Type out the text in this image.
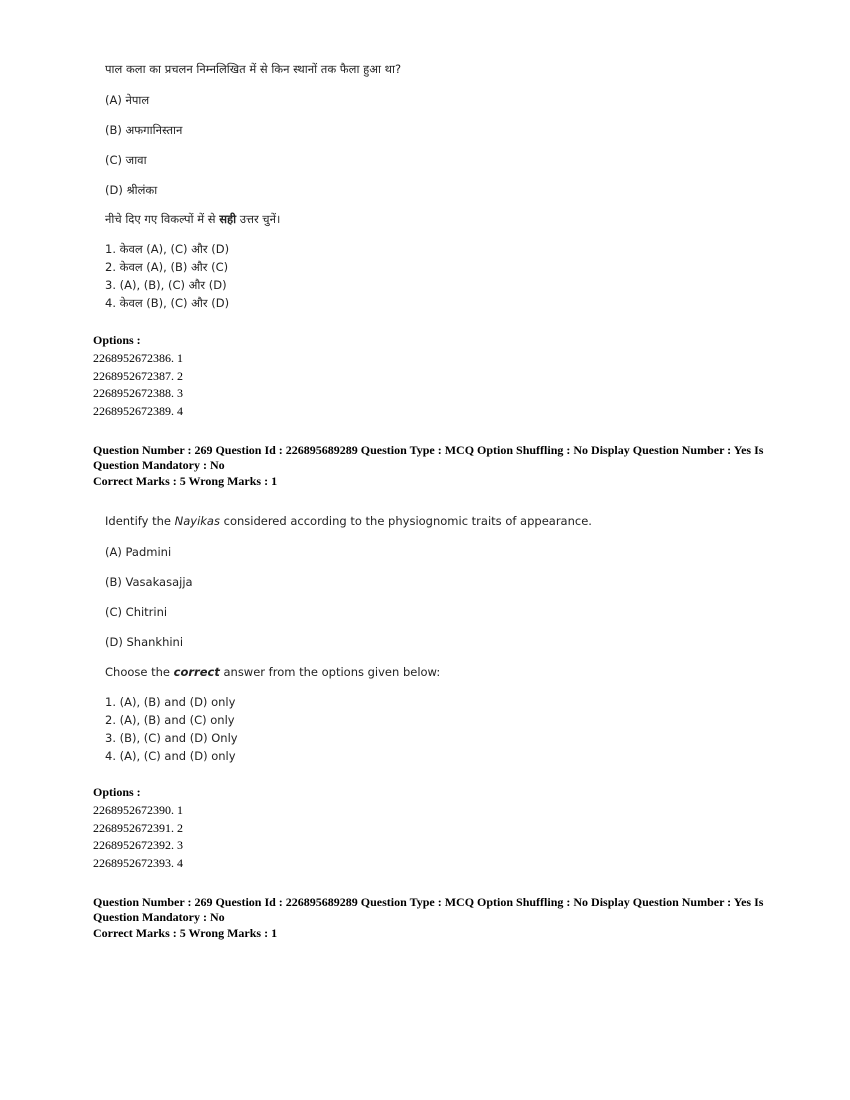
पाल कला का प्रचलन निम्नलिखित में से किन स्थानों तक फैला हुआ था?
(A) नेपाल
(B) अफगानिस्तान
(C) जावा
(D) श्रीलंका
नीचे दिए गए विकल्पों में से सही उत्तर चुनें।
1. केवल (A), (C) और (D)
2. केवल (A), (B) और (C)
3. (A), (B), (C) और (D)
4. केवल (B), (C) और (D)
Options :
2268952672386. 1
2268952672387. 2
2268952672388. 3
2268952672389. 4
Question Number : 269 Question Id : 226895689289 Question Type : MCQ Option Shuffling : No Display Question Number : Yes Is
Question Mandatory : No
Correct Marks : 5 Wrong Marks : 1
Identify the Nayikas considered according to the physiognomic traits of appearance.
(A) Padmini
(B) Vasakasajja
(C) Chitrini
(D) Shankhini
Choose the correct answer from the options given below:
1. (A), (B) and (D) only
2. (A), (B) and (C) only
3. (B), (C) and (D) Only
4. (A), (C) and (D) only
Options :
2268952672390. 1
2268952672391. 2
2268952672392. 3
2268952672393. 4
Question Number : 269 Question Id : 226895689289 Question Type : MCQ Option Shuffling : No Display Question Number : Yes Is
Question Mandatory : No
Correct Marks : 5 Wrong Marks : 1
